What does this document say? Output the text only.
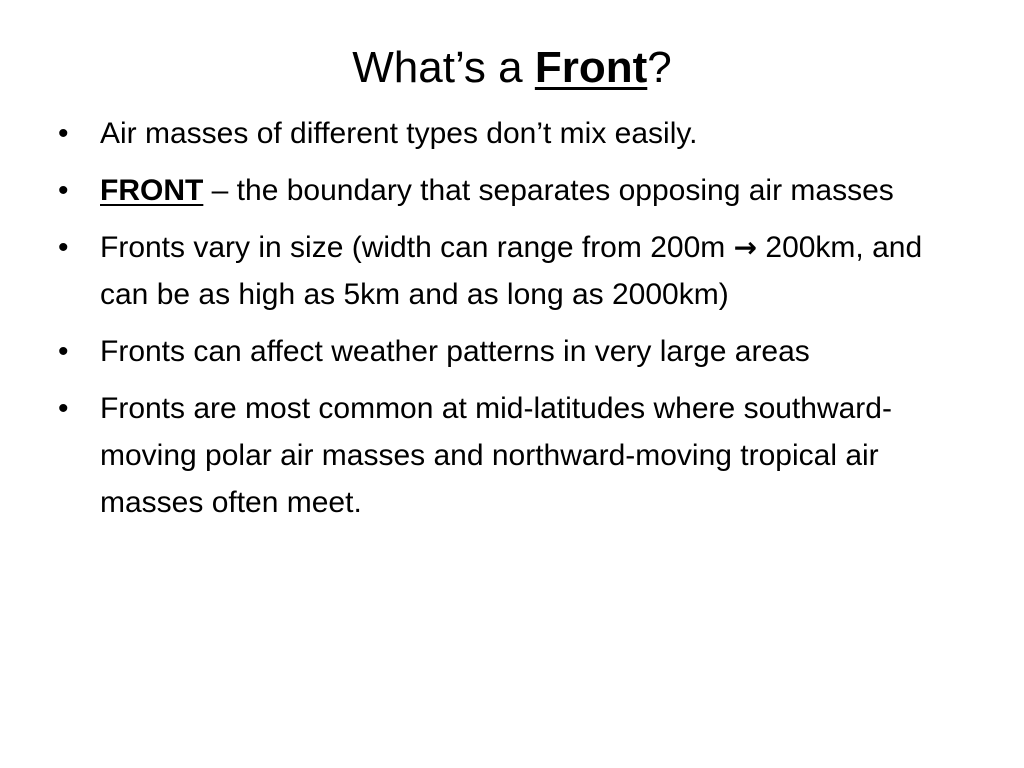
What’s a Front?
•	Air masses of different types don’t mix easily.
•	FRONT – the boundary that separates opposing air masses
•	Fronts vary in size (width can range from 200m → 200km, and can be as high as 5km and as long as 2000km)
•	Fronts can affect weather patterns in very large areas
•	Fronts are most common at mid-latitudes where southward- moving polar air masses and northward-moving tropical air masses often meet.
